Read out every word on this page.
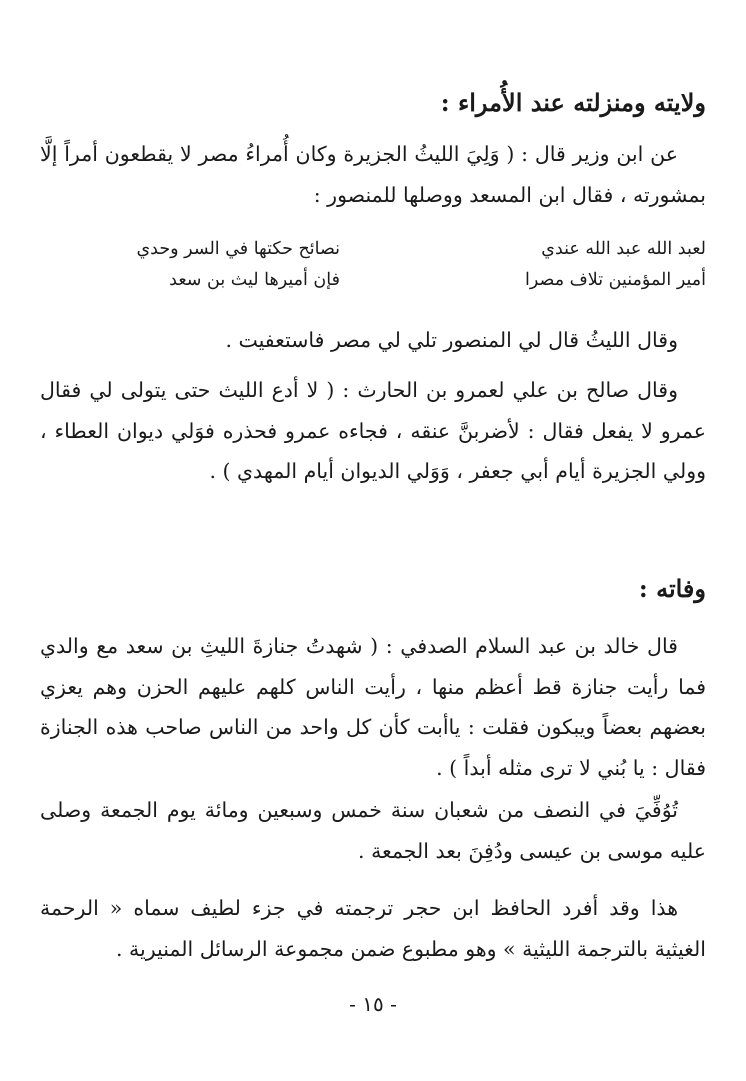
ولايته ومنزلته عند الأُمراء :
عن ابن وزير قال : ( وَلِيَ الليثُ الجزيرة وكان أُمراءُ مصر لا يقطعون أمراً إلَّا بمشورته ، فقال ابن المسعد ووصلها للمنصور :
لعبد الله عبد الله عندي
نصائح حكتها في السر وحدي
أمير المؤمنين تلاف مصرا
فإن أميرها ليث بن سعد
وقال الليثُ قال لي المنصور تلي لي مصر فاستعفيت .
وقال صالح بن علي لعمرو بن الحارث : ( لا أدع الليث حتى يتولى لي فقال عمرو لا يفعل فقال : لأضربنَّ عنقه ، فجاءه عمرو فحذره فوَلي ديوان العطاء ، وولي الجزيرة أيام أبي جعفر ، وَوَلي الديوان أيام المهدي ) .
وفاته :
قال خالد بن عبد السلام الصدفي : ( شهدتُ جنازةَ الليثِ بن سعد مع والدي فما رأيت جنازة قط أعظم منها ، رأيت الناس كلهم عليهم الحزن وهم يعزي بعضهم بعضاً ويبكون فقلت : ياأبت كأن كل واحد من الناس صاحب هذه الجنازة فقال : يا بُني لا ترى مثله أبداً ) .
تُوُفِّيَ في النصف من شعبان سنة خمس وسبعين ومائة يوم الجمعة وصلى عليه موسى بن عيسى ودُفِنَ بعد الجمعة .
هذا وقد أفرد الحافظ ابن حجر ترجمته في جزء لطيف سماه « الرحمة الغيثية بالترجمة الليثية » وهو مطبوع ضمن مجموعة الرسائل المنيرية .
- ١٥ -
